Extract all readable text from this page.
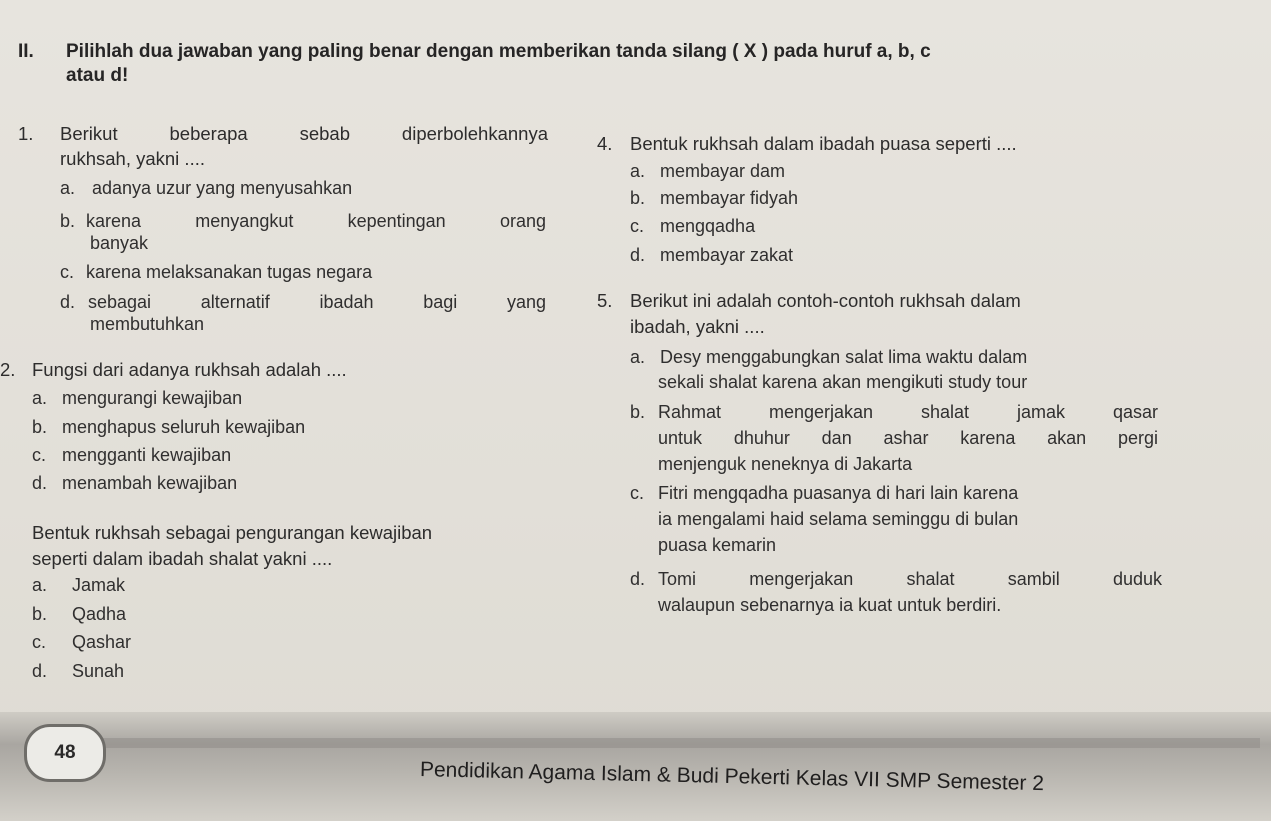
II. Pilihlah dua jawaban yang paling benar dengan memberikan tanda silang ( X ) pada huruf a, b, c
atau d!
1. Berikut beberapa sebab diperbolehkannya
rukhsah, yakni ....
a. adanya uzur yang menyusahkan
b. karena menyangkut kepentingan orang
banyak
c. karena melaksanakan tugas negara
d. sebagai alternatif ibadah bagi yang
membutuhkan
2. Fungsi dari adanya rukhsah adalah ....
a. mengurangi kewajiban
b. menghapus seluruh kewajiban
c. mengganti kewajiban
d. menambah kewajiban
Bentuk rukhsah sebagai pengurangan kewajiban
seperti dalam ibadah shalat yakni ....
a. Jamak
b. Qadha
c. Qashar
d. Sunah
4. Bentuk rukhsah dalam ibadah puasa seperti ....
a. membayar dam
b. membayar fidyah
c. mengqadha
d. membayar zakat
5. Berikut ini adalah contoh-contoh rukhsah dalam
ibadah, yakni ....
a. Desy menggabungkan salat lima waktu dalam
sekali shalat karena akan mengikuti study tour
b. Rahmat mengerjakan shalat jamak qasar
untuk dhuhur dan ashar karena akan pergi
menjenguk neneknya di Jakarta
c. Fitri mengqadha puasanya di hari lain karena
ia mengalami haid selama seminggu di bulan
puasa kemarin
d. Tomi mengerjakan shalat sambil duduk
walaupun sebenarnya ia kuat untuk berdiri.
48
Pendidikan Agama Islam & Budi Pekerti Kelas VII SMP Semester 2
